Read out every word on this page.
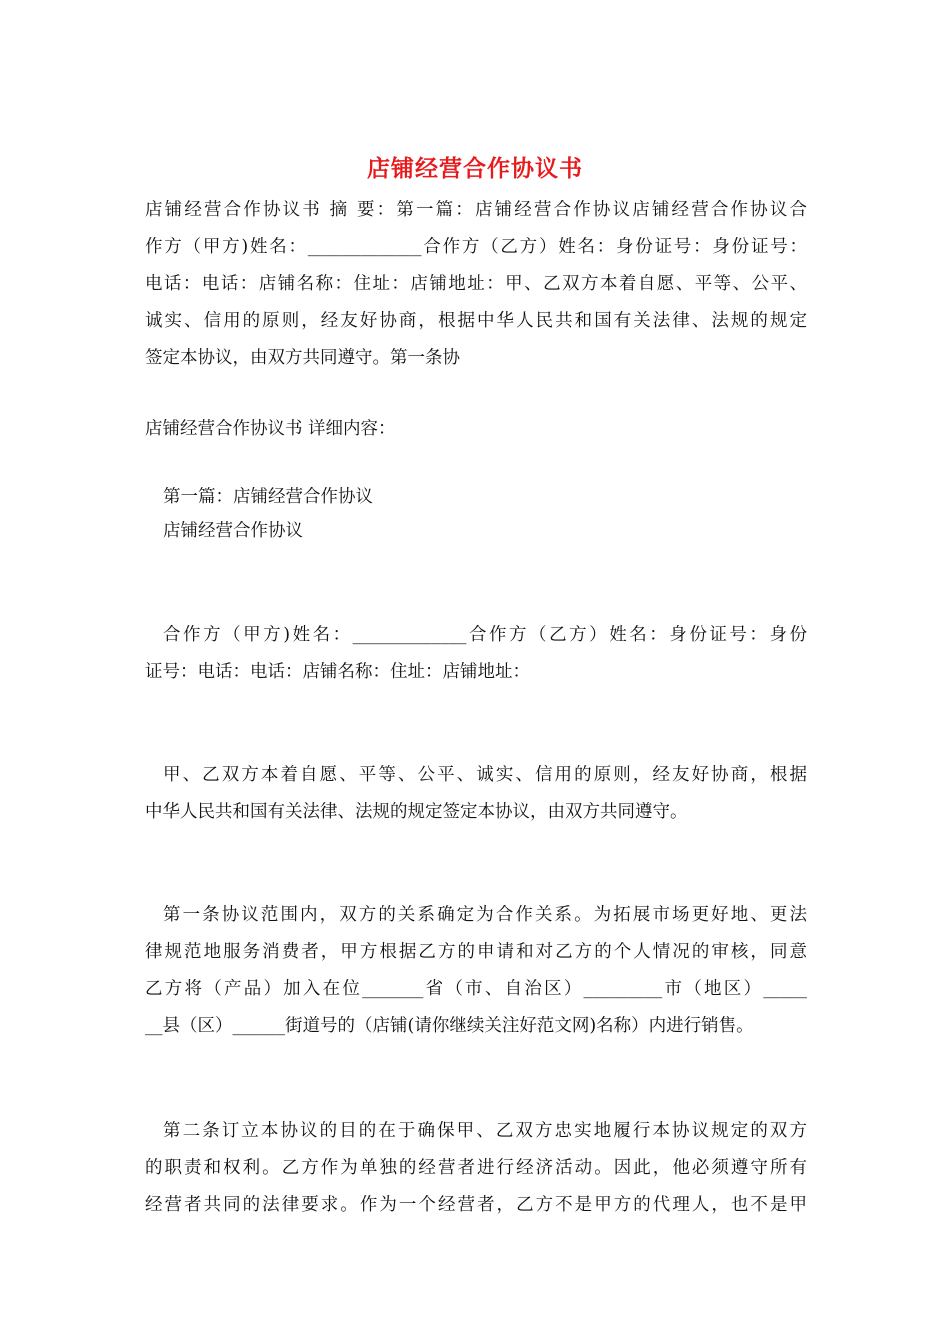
店铺经营合作协议书
店铺经营合作协议书 摘 要：第一篇：店铺经营合作协议店铺经营合作协议合
作方（甲方)姓名：_____________合作方（乙方）姓名：身份证号：身份证号：
电话：电话：店铺名称：住址：店铺地址：甲、乙双方本着自愿、平等、公平、
诚实、信用的原则，经友好协商，根据中华人民共和国有关法律、法规的规定
签定本协议，由双方共同遵守。第一条协

店铺经营合作协议书 详细内容：

第一篇：店铺经营合作协议

店铺经营合作协议

合作方（甲方)姓名：_____________合作方（乙方）姓名：身份证号：身份
证号：电话：电话：店铺名称：住址：店铺地址：
甲、乙双方本着自愿、平等、公平、诚实、信用的原则，经友好协商，根据
中华人民共和国有关法律、法规的规定签定本协议，由双方共同遵守。
第一条协议范围内，双方的关系确定为合作关系。为拓展市场更好地、更法
律规范地服务消费者，甲方根据乙方的申请和对乙方的个人情况的审核，同意
乙方将（产品）加入在位_______省（市、自治区）_________市（地区）_____
__县（区）______街道号的（店铺(请你继续关注好范文网)名称）内进行销售。
第二条订立本协议的目的在于确保甲、乙双方忠实地履行本协议规定的双方
的职责和权利。乙方作为单独的经营者进行经济活动。因此，他必须遵守所有
经营者共同的法律要求。作为一个经营者，乙方不是甲方的代理人，也不是甲
